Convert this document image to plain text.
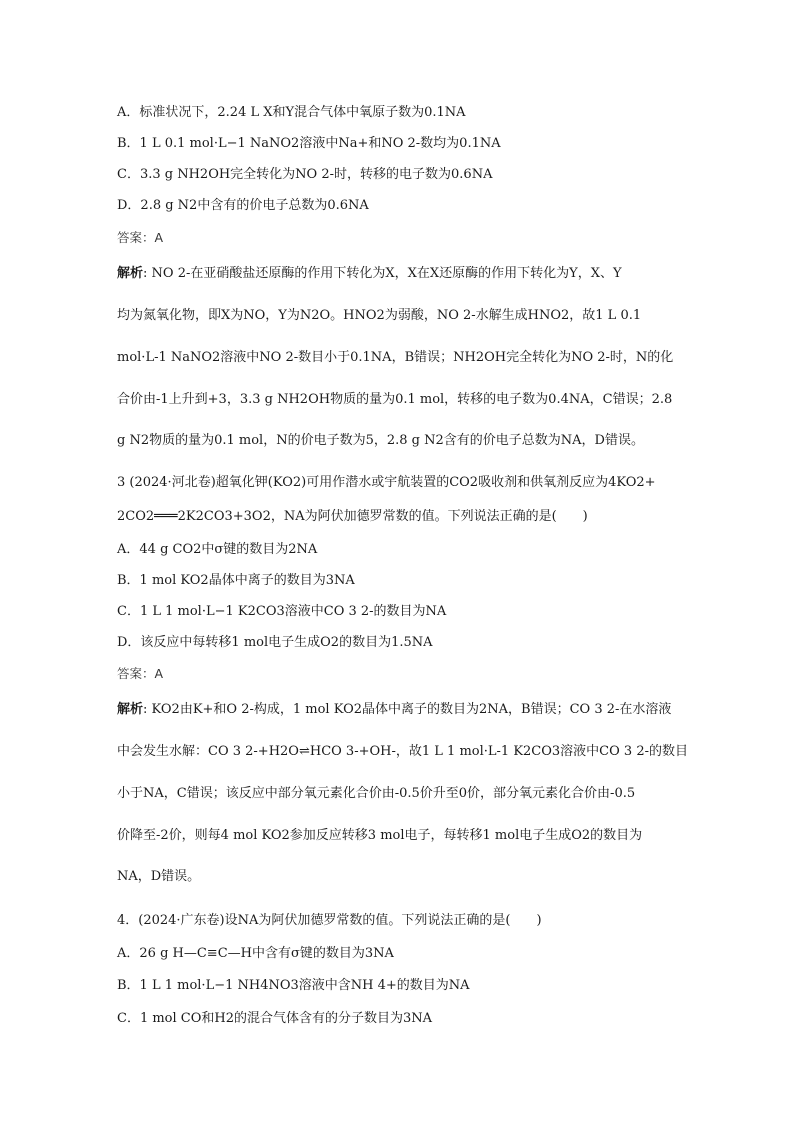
A．标准状况下，2.24 L X和Y混合气体中氧原子数为0.1NA
B．1 L 0.1 mol·L−1 NaNO2溶液中Na+和NO 2-数均为0.1NA
C．3.3 g NH2OH完全转化为NO 2-时，转移的电子数为0.6NA
D．2.8 g N2中含有的价电子总数为0.6NA
答案：A
解析: NO 2-在亚硝酸盐还原酶的作用下转化为X，X在X还原酶的作用下转化为Y，X、Y
均为氮氧化物，即X为NO，Y为N2O。HNO2为弱酸，NO 2-水解生成HNO2，故1 L 0.1
mol·L-1 NaNO2溶液中NO 2-数目小于0.1NA，B错误；NH2OH完全转化为NO 2-时，N的化
合价由-1上升到+3，3.3 g NH2OH物质的量为0.1 mol，转移的电子数为0.4NA，C错误；2.8
g N2物质的量为0.1 mol，N的价电子数为5，2.8 g N2含有的价电子总数为NA，D错误。
3 (2024·河北卷)超氧化钾(KO2)可用作潜水或宇航装置的CO2吸收剂和供氧剂反应为4KO2+
2CO2═══2K2CO3+3O2，NA为阿伏加德罗常数的值。下列说法正确的是(　　)
A．44 g CO2中σ键的数目为2NA
B．1 mol KO2晶体中离子的数目为3NA
C．1 L 1 mol·L−1 K2CO3溶液中CO 3 2-的数目为NA
D．该反应中每转移1 mol电子生成O2的数目为1.5NA
答案：A
解析: KO2由K+和O 2-构成，1 mol KO2晶体中离子的数目为2NA，B错误；CO 3 2-在水溶液
中会发生水解：CO 3 2-+H2O⇌HCO 3-+OH-，故1 L 1 mol·L-1 K2CO3溶液中CO 3 2-的数目
小于NA，C错误；该反应中部分氧元素化合价由-0.5价升至0价，部分氧元素化合价由-0.5
价降至-2价，则每4 mol KO2参加反应转移3 mol电子，每转移1 mol电子生成O2的数目为
NA，D错误。
4．(2024·广东卷)设NA为阿伏加德罗常数的值。下列说法正确的是(　　)
A．26 g H—C≡C—H中含有σ键的数目为3NA
B．1 L 1 mol·L−1 NH4NO3溶液中含NH 4+的数目为NA
C．1 mol CO和H2的混合气体含有的分子数目为3NA
